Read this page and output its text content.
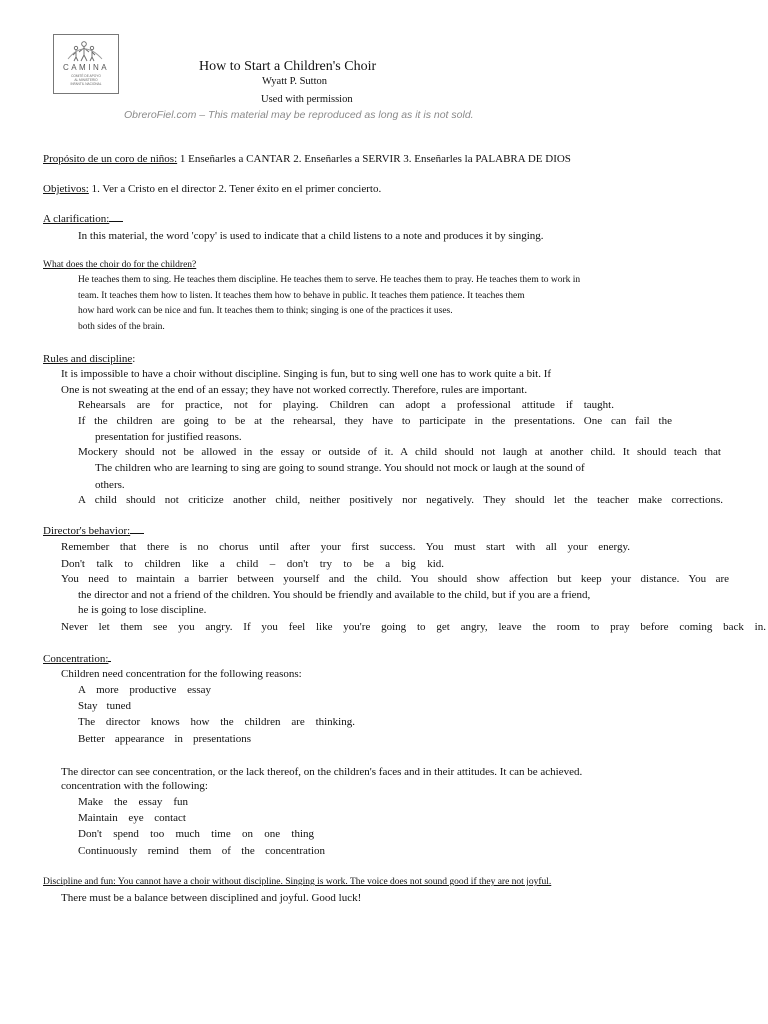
CAMINA
COMITÉ DE APOYO
AL MINISTERIO
INFANTIL NACIONAL
How to Start a Children's Choir
Wyatt P. Sutton
Used with permission
ObreroFiel.com – This material may be reproduced as long as it is not sold.
Propósito de un coro de niños: 1 Enseñarles a CANTAR 2. Enseñarles a SERVIR 3. Enseñarles la PALABRA DE DIOS
Objetivos: 1. Ver a Cristo en el director 2. Tener éxito en el primer concierto.
A clarification:
In this material, the word 'copy' is used to indicate that a child listens to a note and produces it by singing.
What does the choir do for the children?
He teaches them to sing. He teaches them discipline. He teaches them to serve. He teaches them to pray. He teaches them to work in
team. It teaches them how to listen. It teaches them how to behave in public. It teaches them patience. It teaches them
how hard work can be nice and fun. It teaches them to think; singing is one of the practices it uses.
both sides of the brain.
Rules and discipline:
It is impossible to have a choir without discipline. Singing is fun, but to sing well one has to work quite a bit. If
One is not sweating at the end of an essay; they have not worked correctly. Therefore, rules are important.
Rehearsals are for practice, not for playing. Children can adopt a professional attitude if taught.
If the children are going to be at the rehearsal, they have to participate in the presentations. One can fail the
presentation for justified reasons.
Mockery should not be allowed in the essay or outside of it. A child should not laugh at another child. It should teach that
The children who are learning to sing are going to sound strange. You should not mock or laugh at the sound of
others.
A child should not criticize another child, neither positively nor negatively. They should let the teacher make corrections.
Director's behavior:
Remember that there is no chorus until after your first success. You must start with all your energy.
Don't talk to children like a child – don't try to be a big kid.
You need to maintain a barrier between yourself and the child. You should show affection but keep your distance. You are
the director and not a friend of the children. You should be friendly and available to the child, but if you are a friend,
he is going to lose discipline.
Never let them see you angry. If you feel like you're going to get angry, leave the room to pray before coming back in.
Concentration:
Children need concentration for the following reasons:
A more productive essay
Stay tuned
The director knows how the children are thinking.
Better appearance in presentations
The director can see concentration, or the lack thereof, on the children's faces and in their attitudes. It can be achieved.
concentration with the following:
Make the essay fun
Maintain eye contact
Don't spend too much time on one thing
Continuously remind them of the concentration
Discipline and fun: You cannot have a choir without discipline. Singing is work. The voice does not sound good if they are not joyful.
There must be a balance between disciplined and joyful. Good luck!
